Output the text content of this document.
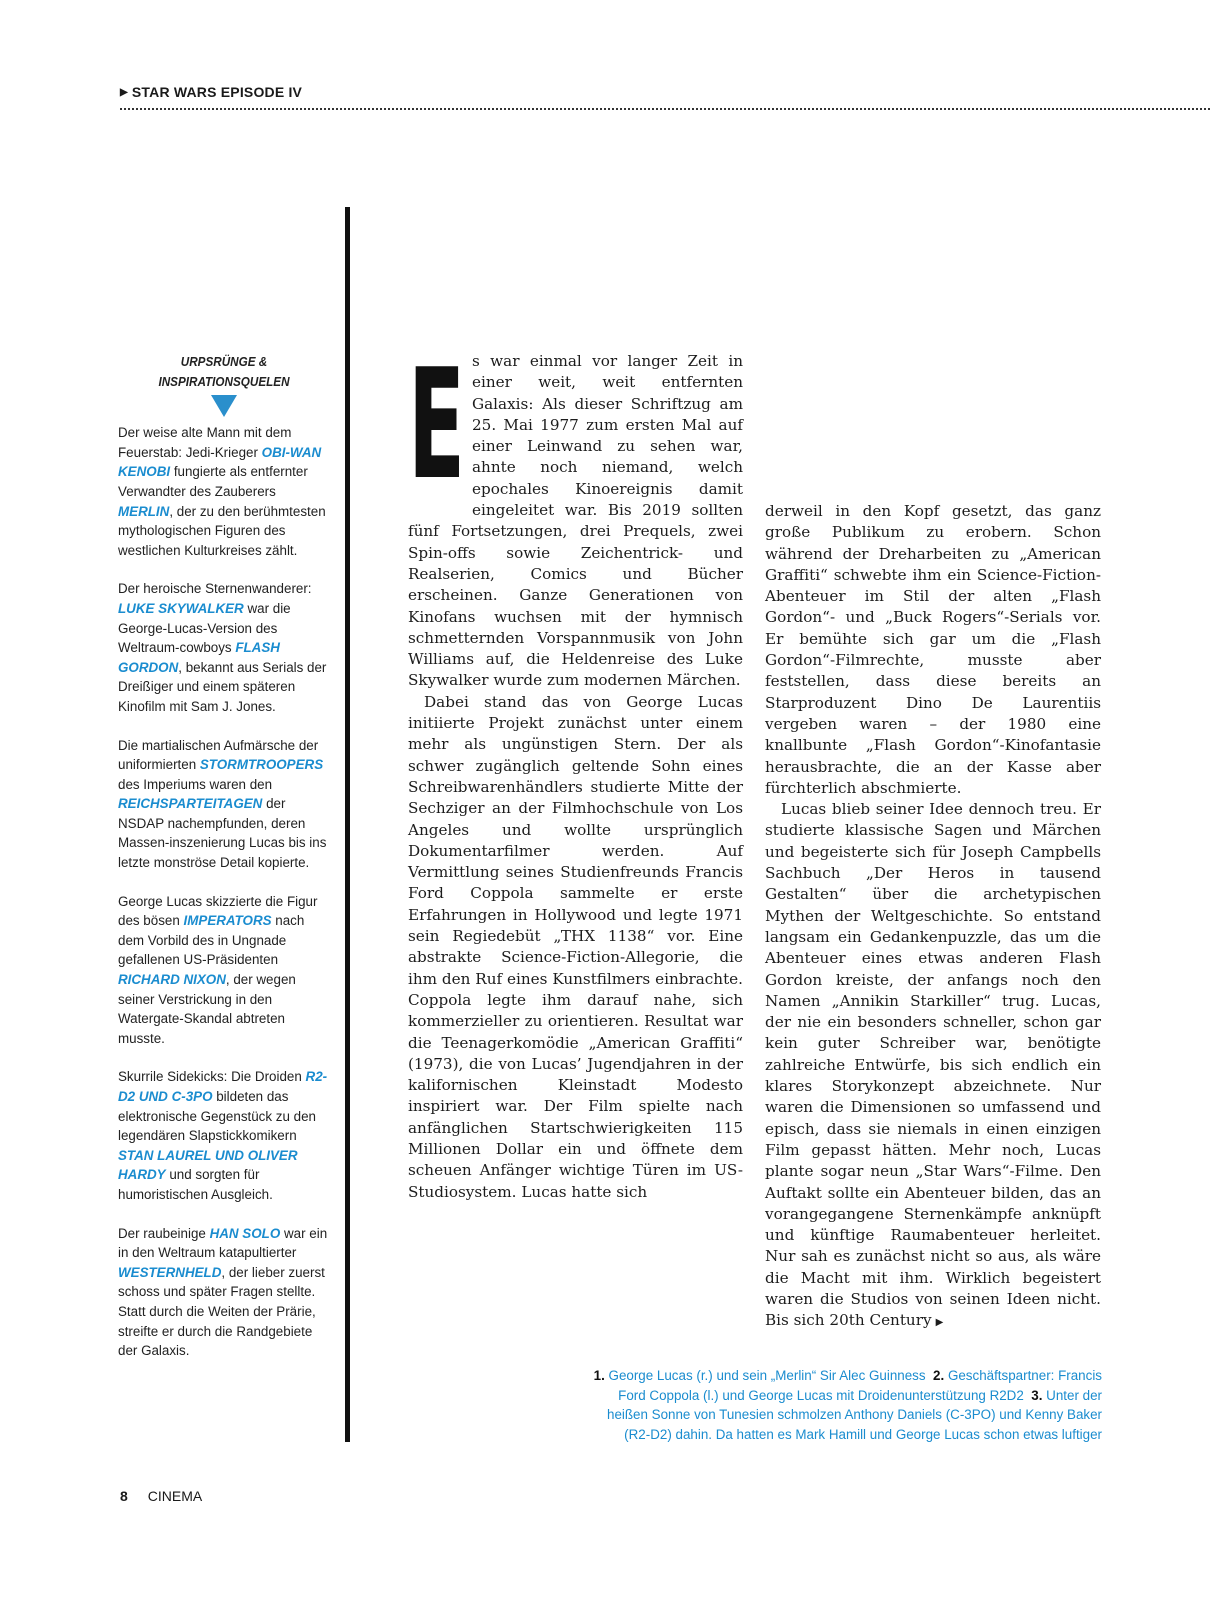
▶ STAR WARS EPISODE IV
URPSRÜNGE & INSPIRATIONSQUELEN

Der weise alte Mann mit dem Feuerstab: Jedi-Krieger OBI-WAN KENOBI fungierte als entfernter Verwandter des Zauberers MERLIN, der zu den berühmtesten mythologischen Figuren des westlichen Kulturkreises zählt.

Der heroische Sternenwanderer: LUKE SKYWALKER war die George-Lucas-Version des Weltraum-cowboys FLASH GORDON, bekannt aus Serials der Dreißiger und einem späteren Kinofilm mit Sam J. Jones.

Die martialischen Aufmärsche der uniformierten STORMTROOPERS des Imperiums waren den REICHSPARTEITAGEN der NSDAP nachempfunden, deren Massen-inszenierung Lucas bis ins letzte monströse Detail kopierte.

George Lucas skizzierte die Figur des bösen IMPERATORS nach dem Vorbild des in Ungnade gefallenen US-Präsidenten RICHARD NIXON, der wegen seiner Verstrickung in den Watergate-Skandal abtreten musste.

Skurrile Sidekicks: Die Droiden R2-D2 UND C-3PO bildeten das elektronische Gegenstück zu den legendären Slapstickkomikern STAN LAUREL UND OLIVER HARDY und sorgten für humoristischen Ausgleich.

Der raubeinige HAN SOLO war ein in den Weltraum katapultierter WESTERNHELD, der lieber zuerst schoss und später Fragen stellte. Statt durch die Weiten der Prärie, streifte er durch die Randgebiete der Galaxis.

E s war einmal vor langer Zeit in einer weit, weit entfernten Galaxis: Als dieser Schriftzug am 25. Mai 1977 zum ersten Mal auf einer Leinwand zu sehen war, ahnte noch niemand, welch epochales Kinoereignis damit eingeleitet war. Bis 2019 sollten fünf Fortsetzungen, drei Prequels, zwei Spin-offs sowie Zeichentrick- und Realserien, Comics und Bücher erscheinen. Ganze Generationen von Kinofans wuchsen mit der hymnisch schmetternden Vorspannmusik von John Williams auf, die Heldenreise des Luke Skywalker wurde zum modernen Märchen.

Dabei stand das von George Lucas initiierte Projekt zunächst unter einem mehr als ungünstigen Stern. Der als schwer zugänglich geltende Sohn eines Schreibwarenhändlers studierte Mitte der Sechziger an der Filmhochschule von Los Angeles und wollte ursprünglich Dokumentarfilmer werden. Auf Vermittlung seines Studienfreunds Francis Ford Coppola sammelte er erste Erfahrungen in Hollywood und legte 1971 sein Regiedebüt „THX 1138“ vor. Eine abstrakte Science-Fiction-Allegorie, die ihm den Ruf eines Kunstfilmers einbrachte. Coppola legte ihm darauf nahe, sich kommerzieller zu orientieren. Resultat war die Teenagerkomödie „American Graffiti“ (1973), die von Lucas’ Jugendjahren in der kalifornischen Kleinstadt Modesto inspiriert war. Der Film spielte nach anfänglichen Startschwierigkeiten 115 Millionen Dollar ein und öffnete dem scheuen Anfänger wichtige Türen im US-Studiosystem. Lucas hatte sich

derweil in den Kopf gesetzt, das ganz große Publikum zu erobern. Schon während der Dreharbeiten zu „American Graffiti“ schwebte ihm ein Science-Fiction-Abenteuer im Stil der alten „Flash Gordon“- und „Buck Rogers“-Serials vor. Er bemühte sich gar um die „Flash Gordon“-Filmrechte, musste aber feststellen, dass diese bereits an Starproduzent Dino De Laurentiis vergeben waren – der 1980 eine knallbunte „Flash Gordon“-Kinofantasie herausbrachte, die an der Kasse aber fürchterlich abschmierte.

Lucas blieb seiner Idee dennoch treu. Er studierte klassische Sagen und Märchen und begeisterte sich für Joseph Campbells Sachbuch „Der Heros in tausend Gestalten“ über die archetypischen Mythen der Weltgeschichte. So entstand langsam ein Gedankenpuzzle, das um die Abenteuer eines etwas anderen Flash Gordon kreiste, der anfangs noch den Namen „Annikin Starkiller“ trug. Lucas, der nie ein besonders schneller, schon gar kein guter Schreiber war, benötigte zahlreiche Entwürfe, bis sich endlich ein klares Storykonzept abzeichnete. Nur waren die Dimensionen so umfassend und episch, dass sie niemals in einen einzigen Film gepasst hätten. Mehr noch, Lucas plante sogar neun „Star Wars“-Filme. Den Auftakt sollte ein Abenteuer bilden, das an vorangegangene Sternenkämpfe anknüpft und künftige Raumabenteuer herleitet. Nur sah es zunächst nicht so aus, als wäre die Macht mit ihm. Wirklich begeistert waren die Studios von seinen Ideen nicht. Bis sich 20th Century ▶

1. George Lucas (r.) und sein „Merlin“ Sir Alec Guinness 2. Geschäftspartner: Francis Ford Coppola (l.) und George Lucas mit Droidenunterstützung R2D2 3. Unter der heißen Sonne von Tunesien schmolzen Anthony Daniels (C-3PO) und Kenny Baker (R2-D2) dahin. Da hatten es Mark Hamill und George Lucas schon etwas luftiger
8 CINEMA
